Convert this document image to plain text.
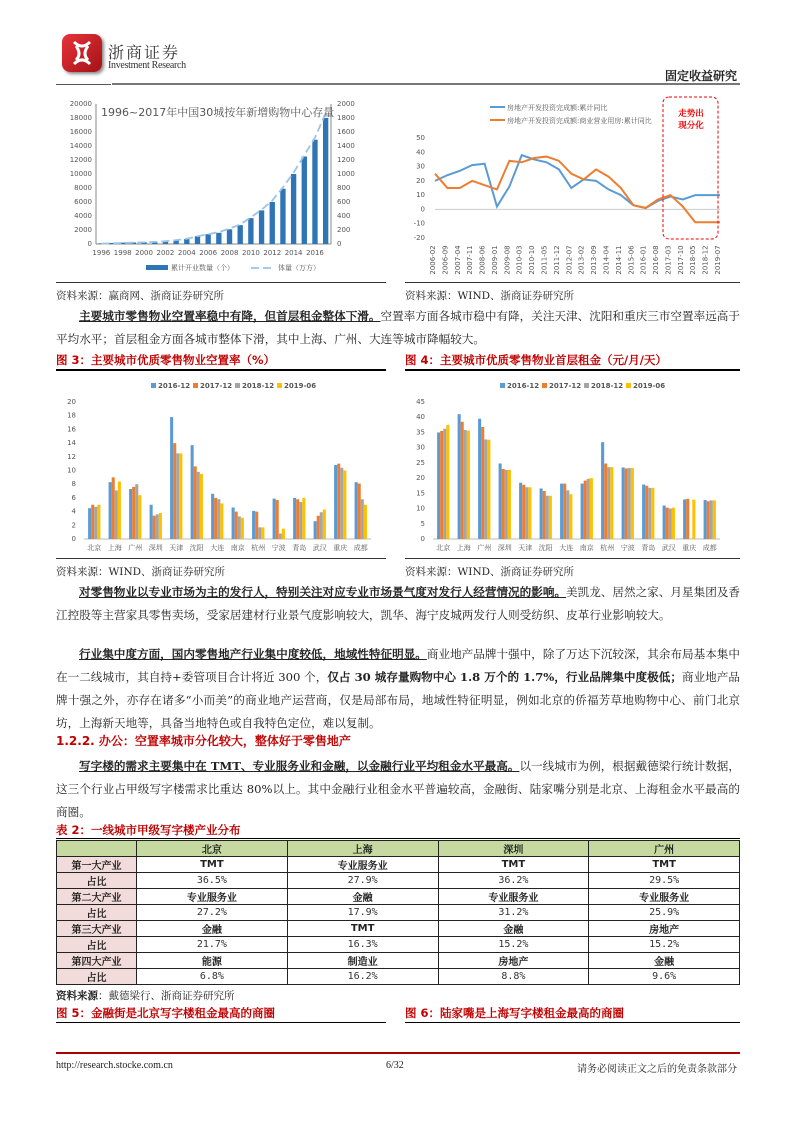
浙商证券
Investment Research
固定收益研究
0
2000
4000
6000
8000
10000
12000
14000
16000
18000
20000
0
200
400
600
800
1000
1200
1400
1600
1800
2000
1996 1998 2000 2002 2004 2006 2008 2010 2012 2014 2016
1996~2017年中国30城按年新增购物中心存量
累计开业数量（个）	体量（万方）
资料来源：赢商网、浙商证券研究所
-20
-10
0
10
20
30
40
50
2006-02 2006-09 2007-04 2007-11 2008-06 2009-01 2009-08 2010-03 2010-10 2011-05 2011-12 2012-07 2013-02 2013-09 2014-04 2014-11 2015-06 2016-01 2016-08 2017-03 2017-10 2018-05 2018-12 2019-07
房地产开发投资完成额:累计同比
房地产开发投资完成额:商业营业用房:累计同比
走势出
现分化
资料来源：WIND、浙商证券研究所
主要城市零售物业空置率稳中有降，但首层租金整体下滑。空置率方面各城市稳中有降，关注天津、沈阳和重庆三市空置率远高于平均水平；首层租金方面各城市整体下滑，其中上海、广州、大连等城市降幅较大。
图 3：主要城市优质零售物业空置率（%）	图 4：主要城市优质零售物业首层租金（元/月/天）
0
2
4
6
8
10
12
14
16
18
20
北京 上海 广州 深圳 天津 沈阳 大连 南京 杭州 宁波 青岛 武汉 重庆 成都
2016-12 2017-12 2018-12 2019-06
0
5
10
15
20
25
30
35
40
45
北京 上海 广州 深圳 天津 沈阳 大连 南京 杭州 宁波 青岛 武汉 重庆 成都
2016-12 2017-12 2018-12 2019-06
资料来源：WIND、浙商证券研究所	资料来源：WIND、浙商证券研究所
对零售物业以专业市场为主的发行人，特别关注对应专业市场景气度对发行人经营情况的影响。美凯龙、居然之家、月星集团及香江控股等主营家具零售卖场，受家居建材行业景气度影响较大，凯华、海宁皮城两发行人则受纺织、皮革行业影响较大。
行业集中度方面，国内零售地产行业集中度较低，地域性特征明显。商业地产品牌十强中，除了万达下沉较深，其余布局基本集中在一二线城市，其自持+委管项目合计将近 300 个，仅占 30 城存量购物中心 1.8 万个的 1.7%，行业品牌集中度极低；商业地产品牌十强之外，亦存在诸多“小而美”的商业地产运营商，仅是局部布局，地域性特征明显，例如北京的侨福芳草地购物中心、前门北京坊，上海新天地等，具备当地特色或自我特色定位，难以复制。
1.2.2. 办公：空置率城市分化较大，整体好于零售地产
写字楼的需求主要集中在 TMT、专业服务业和金融，以金融行业平均租金水平最高。以一线城市为例，根据戴德梁行统计数据，这三个行业占甲级写字楼需求比重达 80%以上。其中金融行业租金水平普遍较高，金融街、陆家嘴分别是北京、上海租金水平最高的商圈。
表 2：一线城市甲级写字楼产业分布
	北京	上海	深圳	广州
第一大产业	TMT	专业服务业	TMT	TMT
占比	36.5%	27.9%	36.2%	29.5%
第二大产业	专业服务业	金融	专业服务业	专业服务业
占比	27.2%	17.9%	31.2%	25.9%
第三大产业	金融	TMT	金融	房地产
占比	21.7%	16.3%	15.2%	15.2%
第四大产业	能源	制造业	房地产	金融
占比	6.8%	16.2%	8.8%	9.6%
资料来源：戴德梁行、浙商证券研究所
图 5：金融街是北京写字楼租金最高的商圈	图 6：陆家嘴是上海写字楼租金最高的商圈
http://research.stocke.com.cn	6/32	请务必阅读正文之后的免责条款部分
